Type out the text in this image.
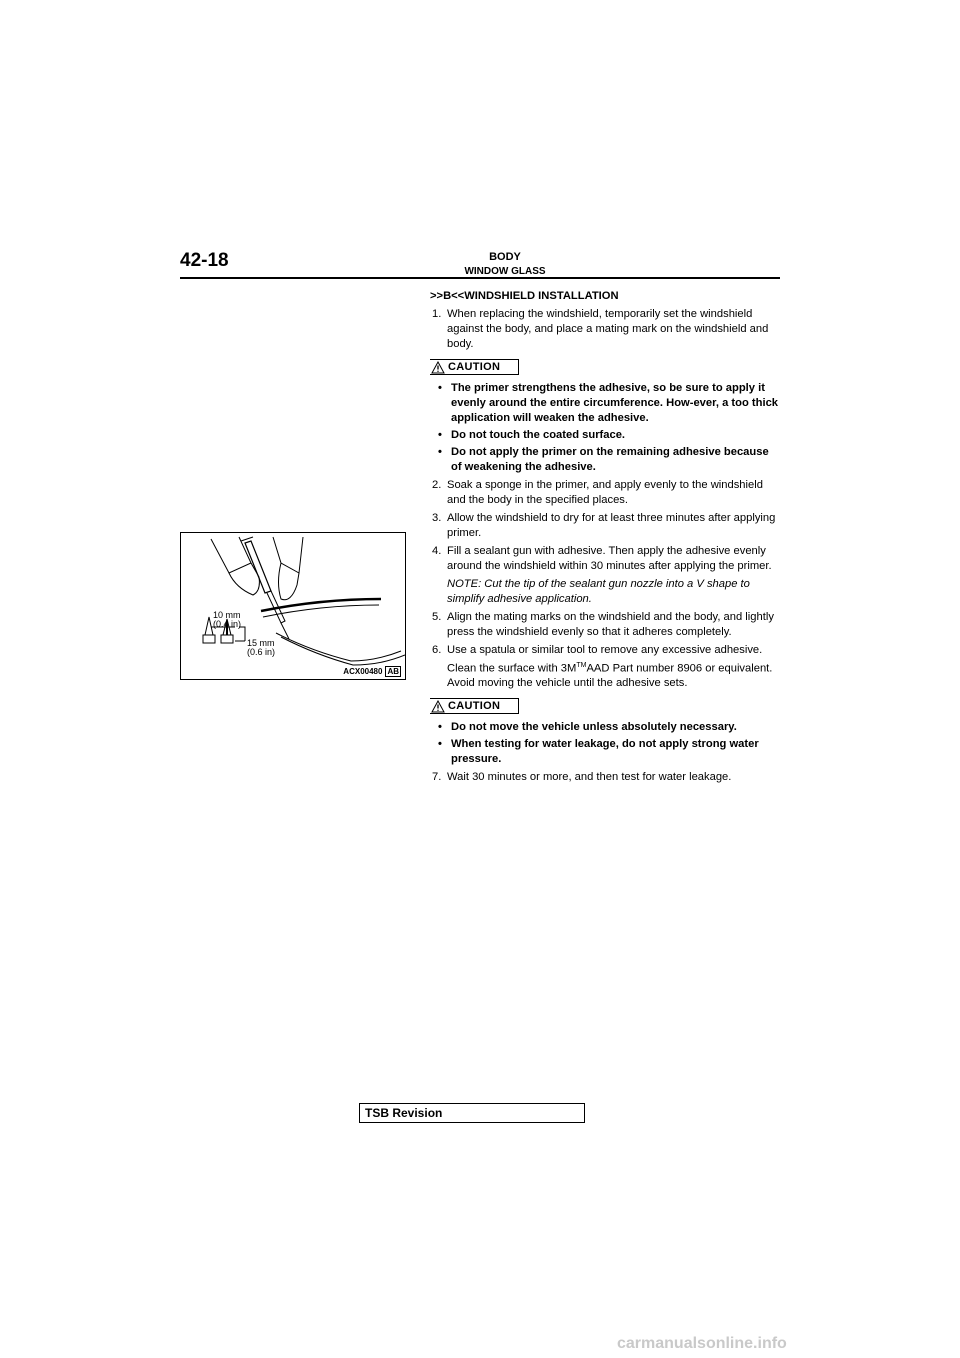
42-18	BODY
WINDOW GLASS
10 mm
(0.4 in)
15 mm
(0.6 in)
ACX00480 AB
>>B<<WINDSHIELD INSTALLATION
1. When replacing the windshield, temporarily set the windshield against the body, and place a mating mark on the windshield and body.
CAUTION
• The primer strengthens the adhesive, so be sure to apply it evenly around the entire circumference. How-ever, a too thick application will weaken the adhesive.
• Do not touch the coated surface.
• Do not apply the primer on the remaining adhesive because of weakening the adhesive.
2. Soak a sponge in the primer, and apply evenly to the windshield and the body in the specified places.
3. Allow the windshield to dry for at least three minutes after applying primer.
4. Fill a sealant gun with adhesive. Then apply the adhesive evenly around the windshield within 30 minutes after applying the primer.
NOTE: Cut the tip of the sealant gun nozzle into a V shape to simplify adhesive application.
5. Align the mating marks on the windshield and the body, and lightly press the windshield evenly so that it adheres completely.
6. Use a spatula or similar tool to remove any excessive adhesive. Clean the surface with 3M™AAD Part number 8906 or equivalent. Avoid moving the vehicle until the adhesive sets.
CAUTION
• Do not move the vehicle unless absolutely necessary.
• When testing for water leakage, do not apply strong water pressure.
7. Wait 30 minutes or more, and then test for water leakage.
TSB Revision
carmanualsonline.info
